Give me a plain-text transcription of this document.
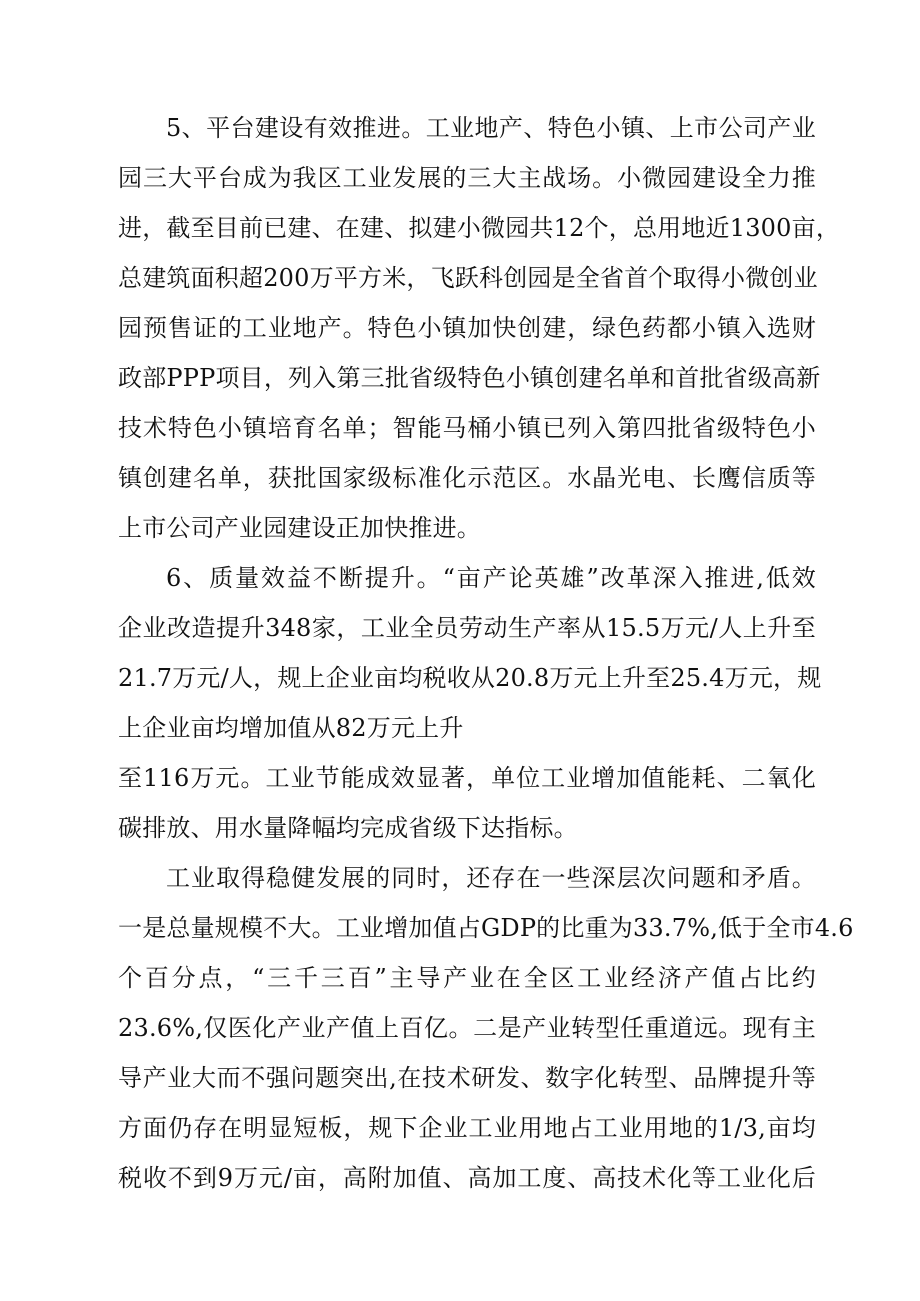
5、平台建设有效推进。工业地产、特色小镇、上市公司产业
园三大平台成为我区工业发展的三大主战场。小微园建设全力推
进，截至目前已建、在建、拟建小微园共12个，总用地近1300亩，
总建筑面积超200万平方米，飞跃科创园是全省首个取得小微创业
园预售证的工业地产。特色小镇加快创建，绿色药都小镇入选财
政部PPP项目，列入第三批省级特色小镇创建名单和首批省级高新
技术特色小镇培育名单；智能马桶小镇已列入第四批省级特色小
镇创建名单，获批国家级标准化示范区。水晶光电、长鹰信质等
上市公司产业园建设正加快推进。
6、质量效益不断提升。“亩产论英雄”改革深入推进,低效
企业改造提升348家，工业全员劳动生产率从15.5万元/人上升至
21.7万元/人，规上企业亩均税收从20.8万元上升至25.4万元，规
上企业亩均增加值从82万元上升
至116万元。工业节能成效显著，单位工业增加值能耗、二氧化
碳排放、用水量降幅均完成省级下达指标。
工业取得稳健发展的同时，还存在一些深层次问题和矛盾。
一是总量规模不大。工业增加值占GDP的比重为33.7%,低于全市4.6
个百分点，“三千三百”主导产业在全区工业经济产值占比约
23.6%,仅医化产业产值上百亿。二是产业转型任重道远。现有主
导产业大而不强问题突出,在技术研发、数字化转型、品牌提升等
方面仍存在明显短板，规下企业工业用地占工业用地的1/3,亩均
税收不到9万元/亩，高附加值、高加工度、高技术化等工业化后
